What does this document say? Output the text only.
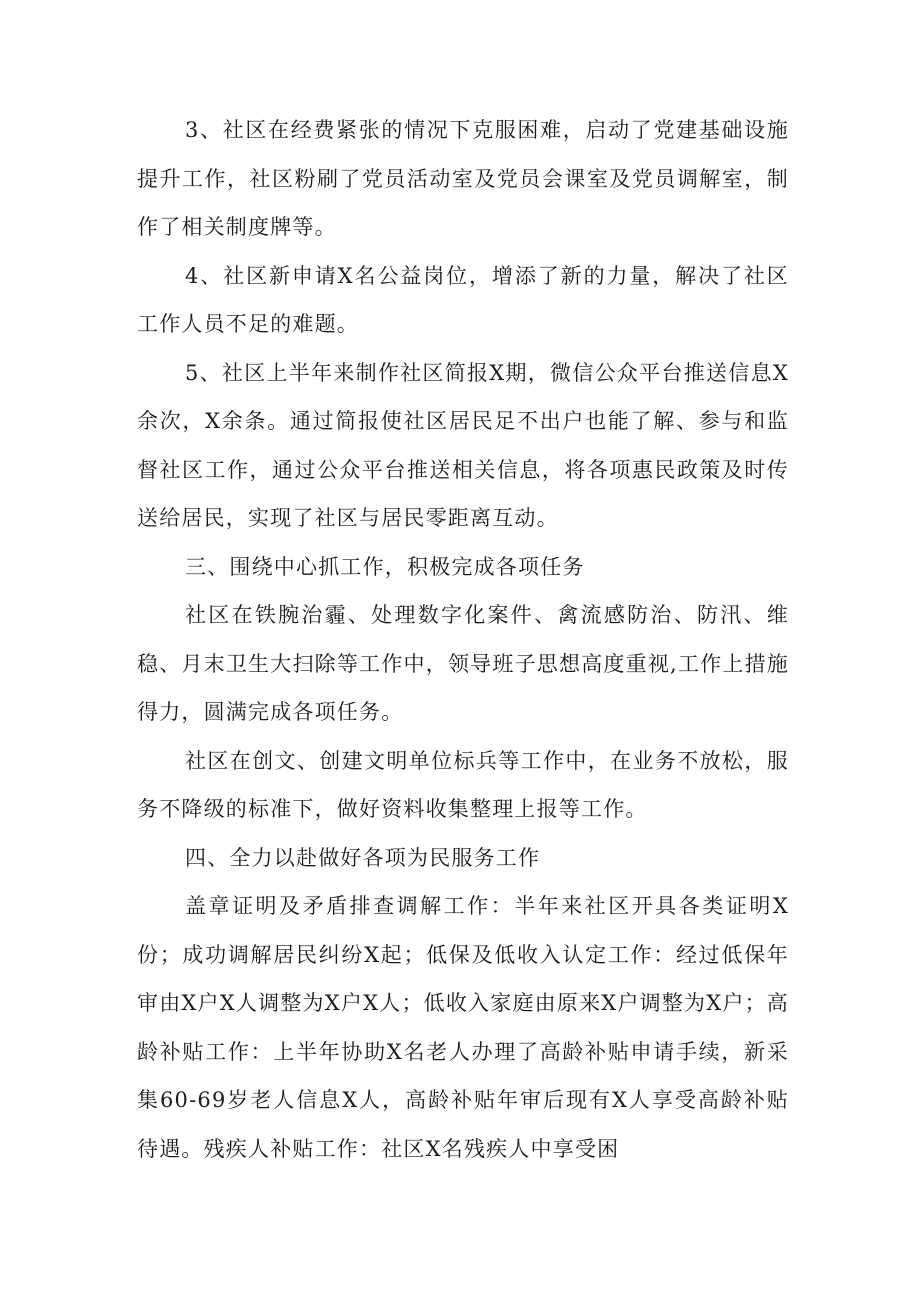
3、社区在经费紧张的情况下克服困难，启动了党建基础设施提升工作，社区粉刷了党员活动室及党员会课室及党员调解室，制作了相关制度牌等。

4、社区新申请X名公益岗位，增添了新的力量，解决了社区工作人员不足的难题。

5、社区上半年来制作社区简报X期，微信公众平台推送信息X余次，X余条。通过简报使社区居民足不出户也能了解、参与和监督社区工作，通过公众平台推送相关信息，将各项惠民政策及时传送给居民，实现了社区与居民零距离互动。

三、围绕中心抓工作，积极完成各项任务

社区在铁腕治霾、处理数字化案件、禽流感防治、防汛、维稳、月末卫生大扫除等工作中，领导班子思想高度重视,工作上措施得力，圆满完成各项任务。

社区在创文、创建文明单位标兵等工作中，在业务不放松，服务不降级的标准下，做好资料收集整理上报等工作。

四、全力以赴做好各项为民服务工作

盖章证明及矛盾排查调解工作：半年来社区开具各类证明X份；成功调解居民纠纷X起；低保及低收入认定工作：经过低保年审由X户X人调整为X户X人；低收入家庭由原来X户调整为X户；高龄补贴工作：上半年协助X名老人办理了高龄补贴申请手续，新采集60-69岁老人信息X人，高龄补贴年审后现有X人享受高龄补贴待遇。残疾人补贴工作：社区X名残疾人中享受困
